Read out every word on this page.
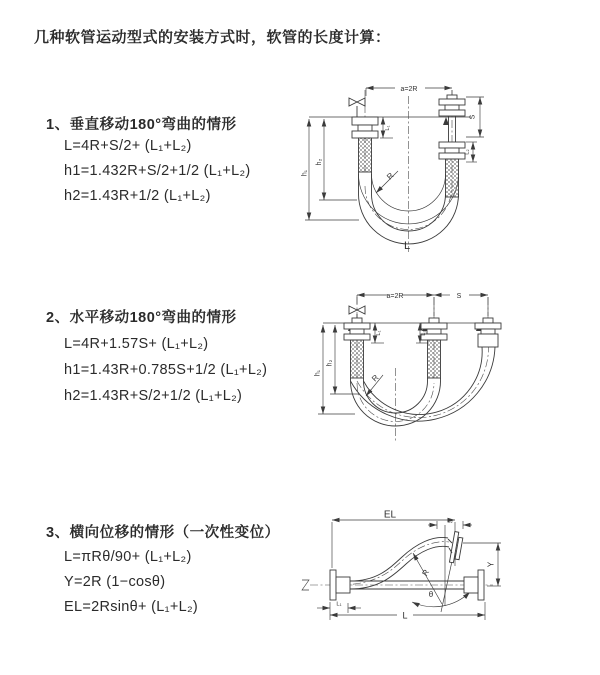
几种软管运动型式的安装方式时，软管的长度计算：
1、垂直移动180°弯曲的情形
L=4R+S/2+ (L₁+L₂)
h1=1.432R+S/2+1/2 (L₁+L₂)
h2=1.43R+1/2 (L₁+L₂)
2、水平移动180°弯曲的情形
L=4R+1.57S+ (L₁+L₂)
h1=1.43R+0.785S+1/2 (L₁+L₂)
h2=1.43R+S/2+1/2 (L₁+L₂)
3、横向位移的情形（一次性变位）
L=πRθ/90+ (L₁+L₂)
Y=2R (1−cosθ)
EL=2Rsinθ+ (L₁+L₂)
a=2R
L₁
S
L₂
h₁
h₂
R
L
a=2R	S
L₁	L₂
h₁
h₂
R
EL
L₂
Y
R
θ
L
L₁
